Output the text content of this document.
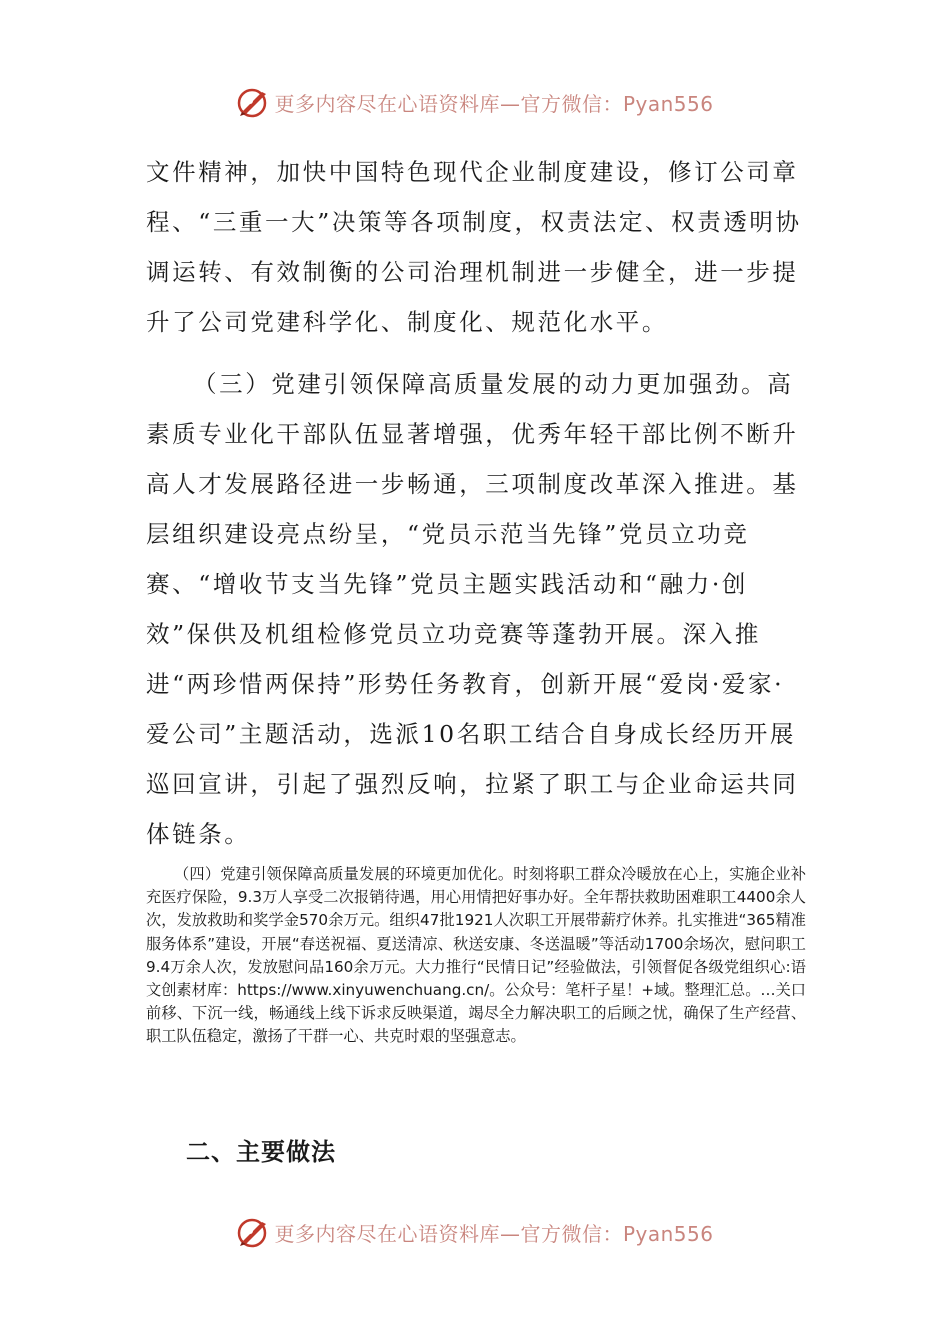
更多内容尽在心语资料库—官方微信：Pyan556

文件精神，加快中国特色现代企业制度建设，修订公司章程、“三重一大”决策等各项制度，权责法定、权责透明协调运转、有效制衡的公司治理机制进一步健全，进一步提升了公司党建科学化、制度化、规范化水平。

（三）党建引领保障高质量发展的动力更加强劲。高素质专业化干部队伍显著增强，优秀年轻干部比例不断升高人才发展路径进一步畅通，三项制度改革深入推进。基层组织建设亮点纷呈，“党员示范当先锋”党员立功竞赛、“增收节支当先锋”党员主题实践活动和“融力·创效”保供及机组检修党员立功竞赛等蓬勃开展。深入推进“两珍惜两保持”形势任务教育，创新开展“爱岗·爱家·爱公司”主题活动，选派10名职工结合自身成长经历开展巡回宣讲，引起了强烈反响，拉紧了职工与企业命运共同体链条。

（四）党建引领保障高质量发展的环境更加优化。时刻将职工群众冷暖放在心上，实施企业补充医疗保险，9.3万人享受二次报销待遇，用心用情把好事办好。全年帮扶救助困难职工4400余人次，发放救助和奖学金570余万元。组织47批1921人次职工开展带薪疗休养。扎实推进“365精准服务体系”建设，开展“春送祝福、夏送清凉、秋送安康、冬送温暖”等活动1700余场次，慰问职工9.4万余人次，发放慰问品160余万元。大力推行“民情日记”经验做法，引领督促各级党组织心:语文创素材库：https://www.xinyuwenchuang.cn/。公众号：笔杆子星！+域。整理汇总。…关口前移、下沉一线，畅通线上线下诉求反映渠道，竭尽全力解决职工的后顾之忧，确保了生产经营、职工队伍稳定，激扬了干群一心、共克时艰的坚强意志。

二、主要做法
更多内容尽在心语资料库—官方微信：Pyan556
